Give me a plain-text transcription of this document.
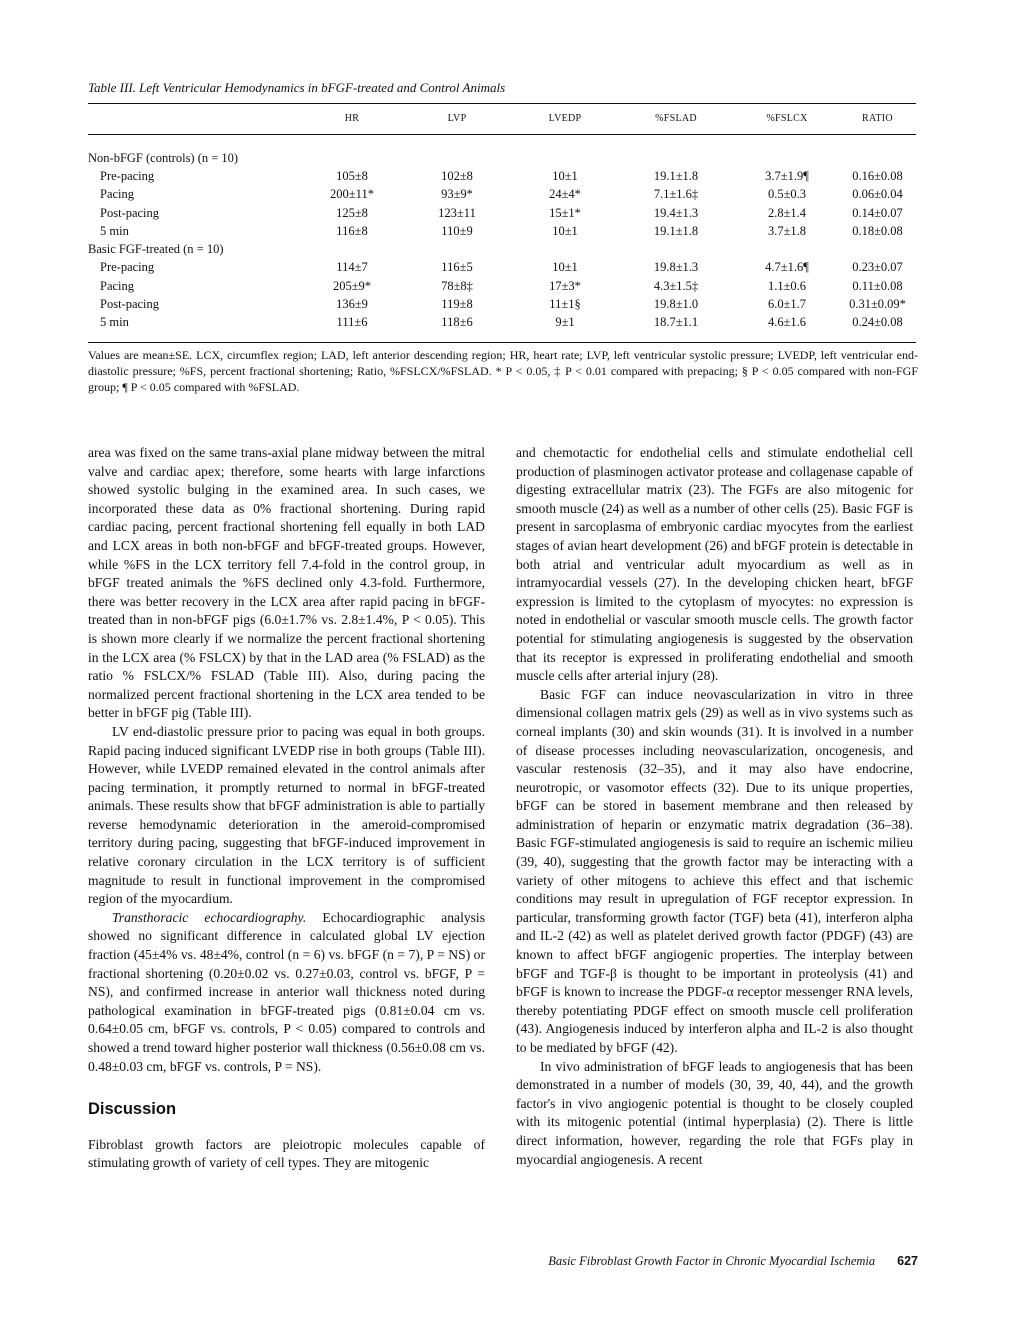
Table III. Left Ventricular Hemodynamics in bFGF-treated and Control Animals
	HR	LVP	LVEDP	%FSLAD	%FSLCX	RATIO
Non-bFGF (controls) (n = 10)						
Pre-pacing	105±8	102±8	10±1	19.1±1.8	3.7±1.9¶	0.16±0.08
Pacing	200±11*	93±9*	24±4*	7.1±1.6‡	0.5±0.3	0.06±0.04
Post-pacing	125±8	123±11	15±1*	19.4±1.3	2.8±1.4	0.14±0.07
5 min	116±8	110±9	10±1	19.1±1.8	3.7±1.8	0.18±0.08
Basic FGF-treated (n = 10)						
Pre-pacing	114±7	116±5	10±1	19.8±1.3	4.7±1.6¶	0.23±0.07
Pacing	205±9*	78±8‡	17±3*	4.3±1.5‡	1.1±0.6	0.11±0.08
Post-pacing	136±9	119±8	11±1§	19.8±1.0	6.0±1.7	0.31±0.09*
5 min	111±6	118±6	9±1	18.7±1.1	4.6±1.6	0.24±0.08
Values are mean±SE. LCX, circumflex region; LAD, left anterior descending region; HR, heart rate; LVP, left ventricular systolic pressure; LVEDP, left ventricular end-diastolic pressure; %FS, percent fractional shortening; Ratio, %FSLCX/%FSLAD. * P < 0.05, ‡ P < 0.01 compared with prepacing; § P < 0.05 compared with non-FGF group; ¶ P < 0.05 compared with %FSLAD.

area was fixed on the same trans-axial plane midway between the mitral valve and cardiac apex; therefore, some hearts with large infarctions showed systolic bulging in the examined area. In such cases, we incorporated these data as 0% fractional shortening. During rapid cardiac pacing, percent fractional shortening fell equally in both LAD and LCX areas in both non-bFGF and bFGF-treated groups. However, while %FS in the LCX territory fell 7.4-fold in the control group, in bFGF treated animals the %FS declined only 4.3-fold. Furthermore, there was better recovery in the LCX area after rapid pacing in bFGF-treated than in non-bFGF pigs (6.0±1.7% vs. 2.8±1.4%, P < 0.05). This is shown more clearly if we normalize the percent fractional shortening in the LCX area (% FSLCX) by that in the LAD area (% FSLAD) as the ratio % FSLCX/% FSLAD (Table III). Also, during pacing the normalized percent fractional shortening in the LCX area tended to be better in bFGF pig (Table III).

LV end-diastolic pressure prior to pacing was equal in both groups. Rapid pacing induced significant LVEDP rise in both groups (Table III). However, while LVEDP remained elevated in the control animals after pacing termination, it promptly returned to normal in bFGF-treated animals. These results show that bFGF administration is able to partially reverse hemodynamic deterioration in the ameroid-compromised territory during pacing, suggesting that bFGF-induced improvement in relative coronary circulation in the LCX territory is of sufficient magnitude to result in functional improvement in the compromised region of the myocardium.

Transthoracic echocardiography. Echocardiographic analysis showed no significant difference in calculated global LV ejection fraction (45±4% vs. 48±4%, control (n = 6) vs. bFGF (n = 7), P = NS) or fractional shortening (0.20±0.02 vs. 0.27±0.03, control vs. bFGF, P = NS), and confirmed increase in anterior wall thickness noted during pathological examination in bFGF-treated pigs (0.81±0.04 cm vs. 0.64±0.05 cm, bFGF vs. controls, P < 0.05) compared to controls and showed a trend toward higher posterior wall thickness (0.56±0.08 cm vs. 0.48±0.03 cm, bFGF vs. controls, P = NS).

Discussion

Fibroblast growth factors are pleiotropic molecules capable of stimulating growth of variety of cell types. They are mitogenic

and chemotactic for endothelial cells and stimulate endothelial cell production of plasminogen activator protease and collagenase capable of digesting extracellular matrix (23). The FGFs are also mitogenic for smooth muscle (24) as well as a number of other cells (25). Basic FGF is present in sarcoplasma of embryonic cardiac myocytes from the earliest stages of avian heart development (26) and bFGF protein is detectable in both atrial and ventricular adult myocardium as well as in intramyocardial vessels (27). In the developing chicken heart, bFGF expression is limited to the cytoplasm of myocytes: no expression is noted in endothelial or vascular smooth muscle cells. The growth factor potential for stimulating angiogenesis is suggested by the observation that its receptor is expressed in proliferating endothelial and smooth muscle cells after arterial injury (28).

Basic FGF can induce neovascularization in vitro in three dimensional collagen matrix gels (29) as well as in vivo systems such as corneal implants (30) and skin wounds (31). It is involved in a number of disease processes including neovascularization, oncogenesis, and vascular restenosis (32–35), and it may also have endocrine, neurotropic, or vasomotor effects (32). Due to its unique properties, bFGF can be stored in basement membrane and then released by administration of heparin or enzymatic matrix degradation (36–38). Basic FGF-stimulated angiogenesis is said to require an ischemic milieu (39, 40), suggesting that the growth factor may be interacting with a variety of other mitogens to achieve this effect and that ischemic conditions may result in upregulation of FGF receptor expression. In particular, transforming growth factor (TGF) beta (41), interferon alpha and IL-2 (42) as well as platelet derived growth factor (PDGF) (43) are known to affect bFGF angiogenic properties. The interplay between bFGF and TGF-β is thought to be important in proteolysis (41) and bFGF is known to increase the PDGF-α receptor messenger RNA levels, thereby potentiating PDGF effect on smooth muscle cell proliferation (43). Angiogenesis induced by interferon alpha and IL-2 is also thought to be mediated by bFGF (42).

In vivo administration of bFGF leads to angiogenesis that has been demonstrated in a number of models (30, 39, 40, 44), and the growth factor's in vivo angiogenic potential is thought to be closely coupled with its mitogenic potential (intimal hyperplasia) (2). There is little direct information, however, regarding the role that FGFs play in myocardial angiogenesis. A recent

Basic Fibroblast Growth Factor in Chronic Myocardial Ischemia 627
